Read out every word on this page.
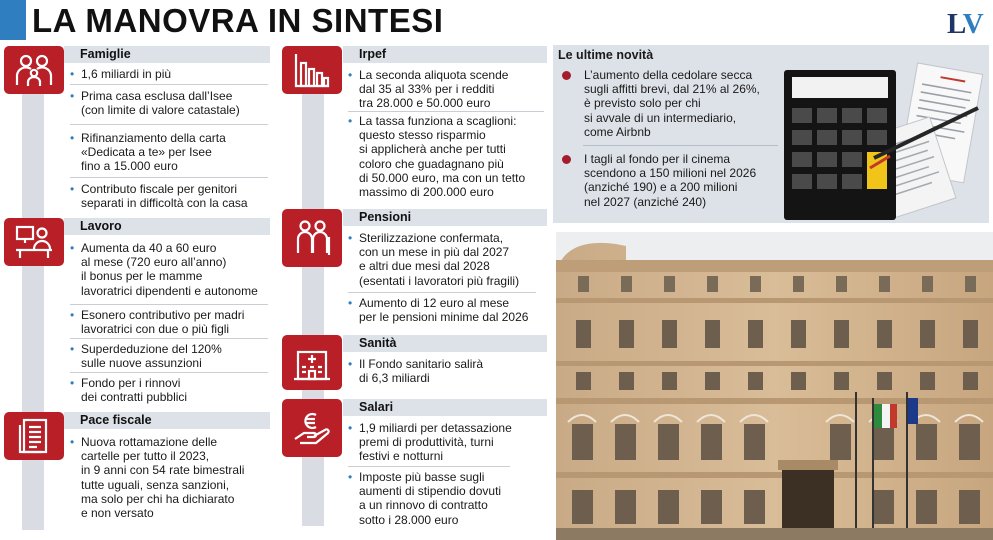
LA MANOVRA IN SINTESI	LV
Famiglie
• 1,6 miliardi in più
• Prima casa esclusa dall’Isee
(con limite di valore catastale)
• Rifinanziamento della carta
«Dedicata a te» per Isee
fino a 15.000 euro
• Contributo fiscale per genitori
separati in difficoltà con la casa
Lavoro
• Aumenta da 40 a 60 euro
al mese (720 euro all’anno)
il bonus per le mamme
lavoratrici dipendenti e autonome
• Esonero contributivo per madri
lavoratrici con due o più figli
• Superdeduzione del 120%
sulle nuove assunzioni
• Fondo per i rinnovi
dei contratti pubblici
Pace fiscale
• Nuova rottamazione delle
cartelle per tutto il 2023,
in 9 anni con 54 rate bimestrali
tutte uguali, senza sanzioni,
ma solo per chi ha dichiarato
e non versato
Irpef
• La seconda aliquota scende
dal 35 al 33% per i redditi
tra 28.000 e 50.000 euro
• La tassa funziona a scaglioni:
questo stesso risparmio
si applicherà anche per tutti
coloro che guadagnano più
di 50.000 euro, ma con un tetto
massimo di 200.000 euro
Pensioni
• Sterilizzazione confermata,
con un mese in più dal 2027
e altri due mesi dal 2028
(esentati i lavoratori più fragili)
• Aumento di 12 euro al mese
per le pensioni minime dal 2026
Sanità
• Il Fondo sanitario salirà
di 6,3 miliardi
Salari
• 1,9 miliardi per detassazione
premi di produttività, turni
festivi e notturni
• Imposte più basse sugli
aumenti di stipendio dovuti
a un rinnovo di contratto
sotto i 28.000 euro
Le ultime novità
L’aumento della cedolare secca
sugli affitti brevi, dal 21% al 26%,
è previsto solo per chi
si avvale di un intermediario,
come Airbnb
I tagli al fondo per il cinema
scendono a 150 milioni nel 2026
(anziché 190) e a 200 milioni
nel 2027 (anziché 240)
